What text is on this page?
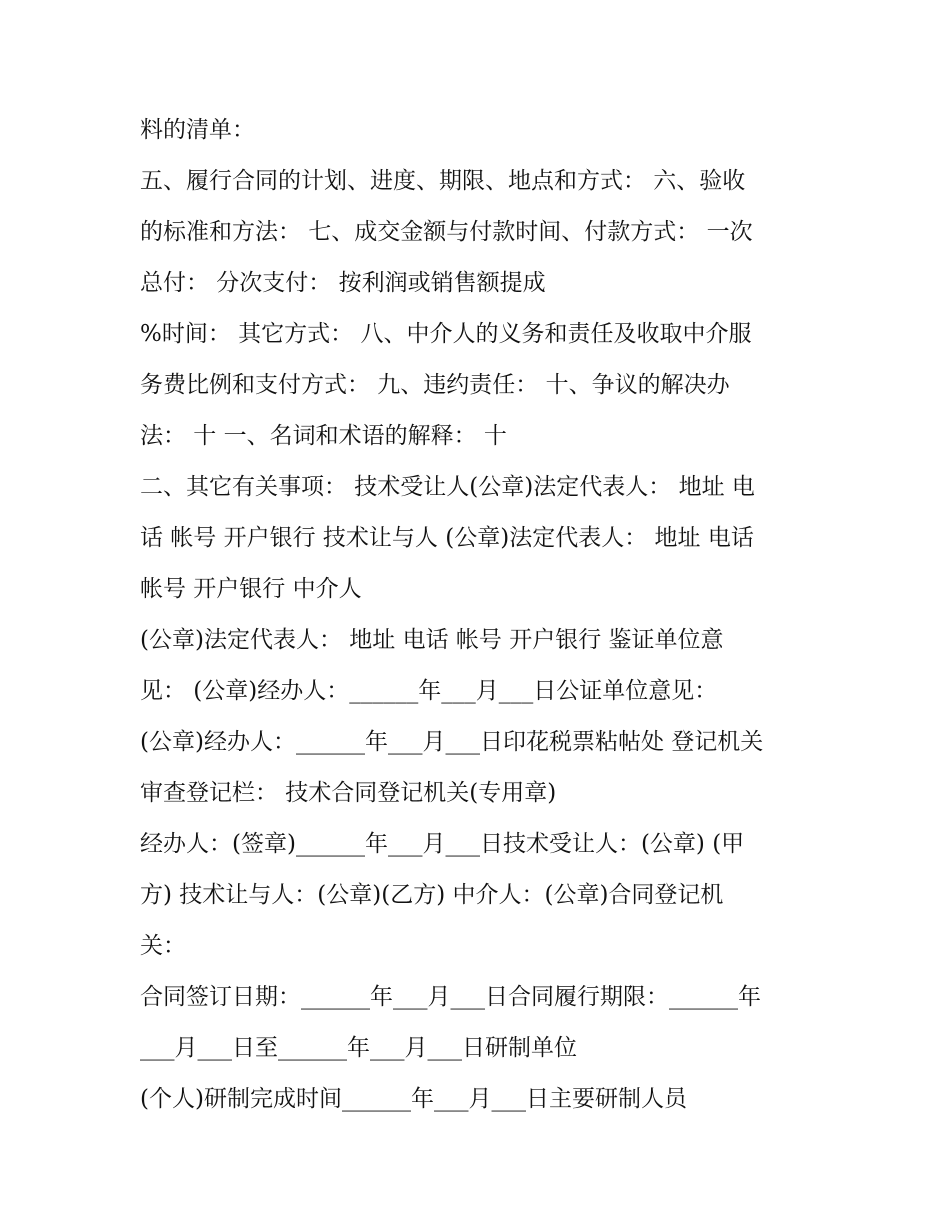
料的清单：

五、履行合同的计划、进度、期限、地点和方式： 六、验收

的标准和方法： 七、成交金额与付款时间、付款方式： 一次

总付： 分次支付： 按利润或销售额提成

%时间： 其它方式： 八、中介人的义务和责任及收取中介服

务费比例和支付方式： 九、违约责任： 十、争议的解决办

法： 十 一、名词和术语的解释： 十

二、其它有关事项： 技术受让人(公章)法定代表人： 地址 电

话 帐号 开户银行 技术让与人 (公章)法定代表人： 地址 电话

帐号 开户银行 中介人

(公章)法定代表人： 地址 电话 帐号 开户银行 鉴证单位意

见： (公章)经办人：______年___月___日公证单位意见：

(公章)经办人：______年___月___日印花税票粘帖处 登记机关

审查登记栏： 技术合同登记机关(专用章)

经办人：(签章)______年___月___日技术受让人：(公章) (甲

方) 技术让与人：(公章)(乙方) 中介人：(公章)合同登记机

关：

合同签订日期：______年___月___日合同履行期限：______年

___月___日至______年___月___日研制单位

(个人)研制完成时间______年___月___日主要研制人员
